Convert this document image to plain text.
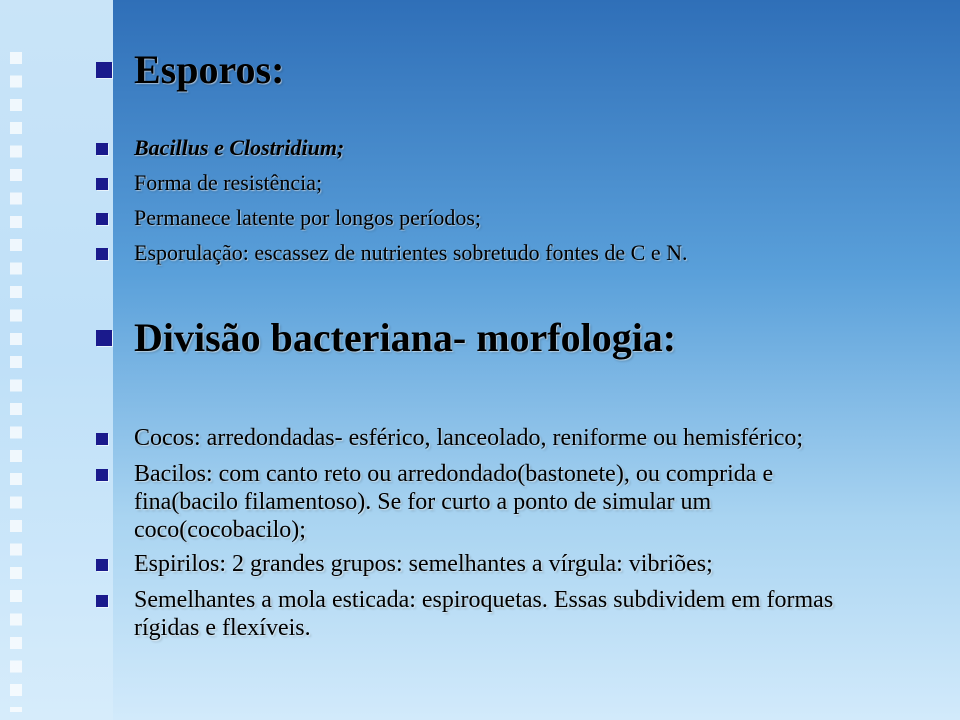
Esporos:
Bacillus e Clostridium;
Forma de resistência;
Permanece latente por longos períodos;
Esporulação: escassez de nutrientes sobretudo fontes de C e N.
Divisão bacteriana- morfologia:
Cocos: arredondadas- esférico, lanceolado, reniforme ou hemisférico;
Bacilos: com canto reto ou arredondado(bastonete), ou comprida e fina(bacilo filamentoso). Se for curto a ponto de simular um coco(cocobacilo);
Espirilos: 2 grandes grupos: semelhantes a vírgula: vibriões;
Semelhantes a mola esticada: espiroquetas. Essas subdividem em formas rígidas e flexíveis.
